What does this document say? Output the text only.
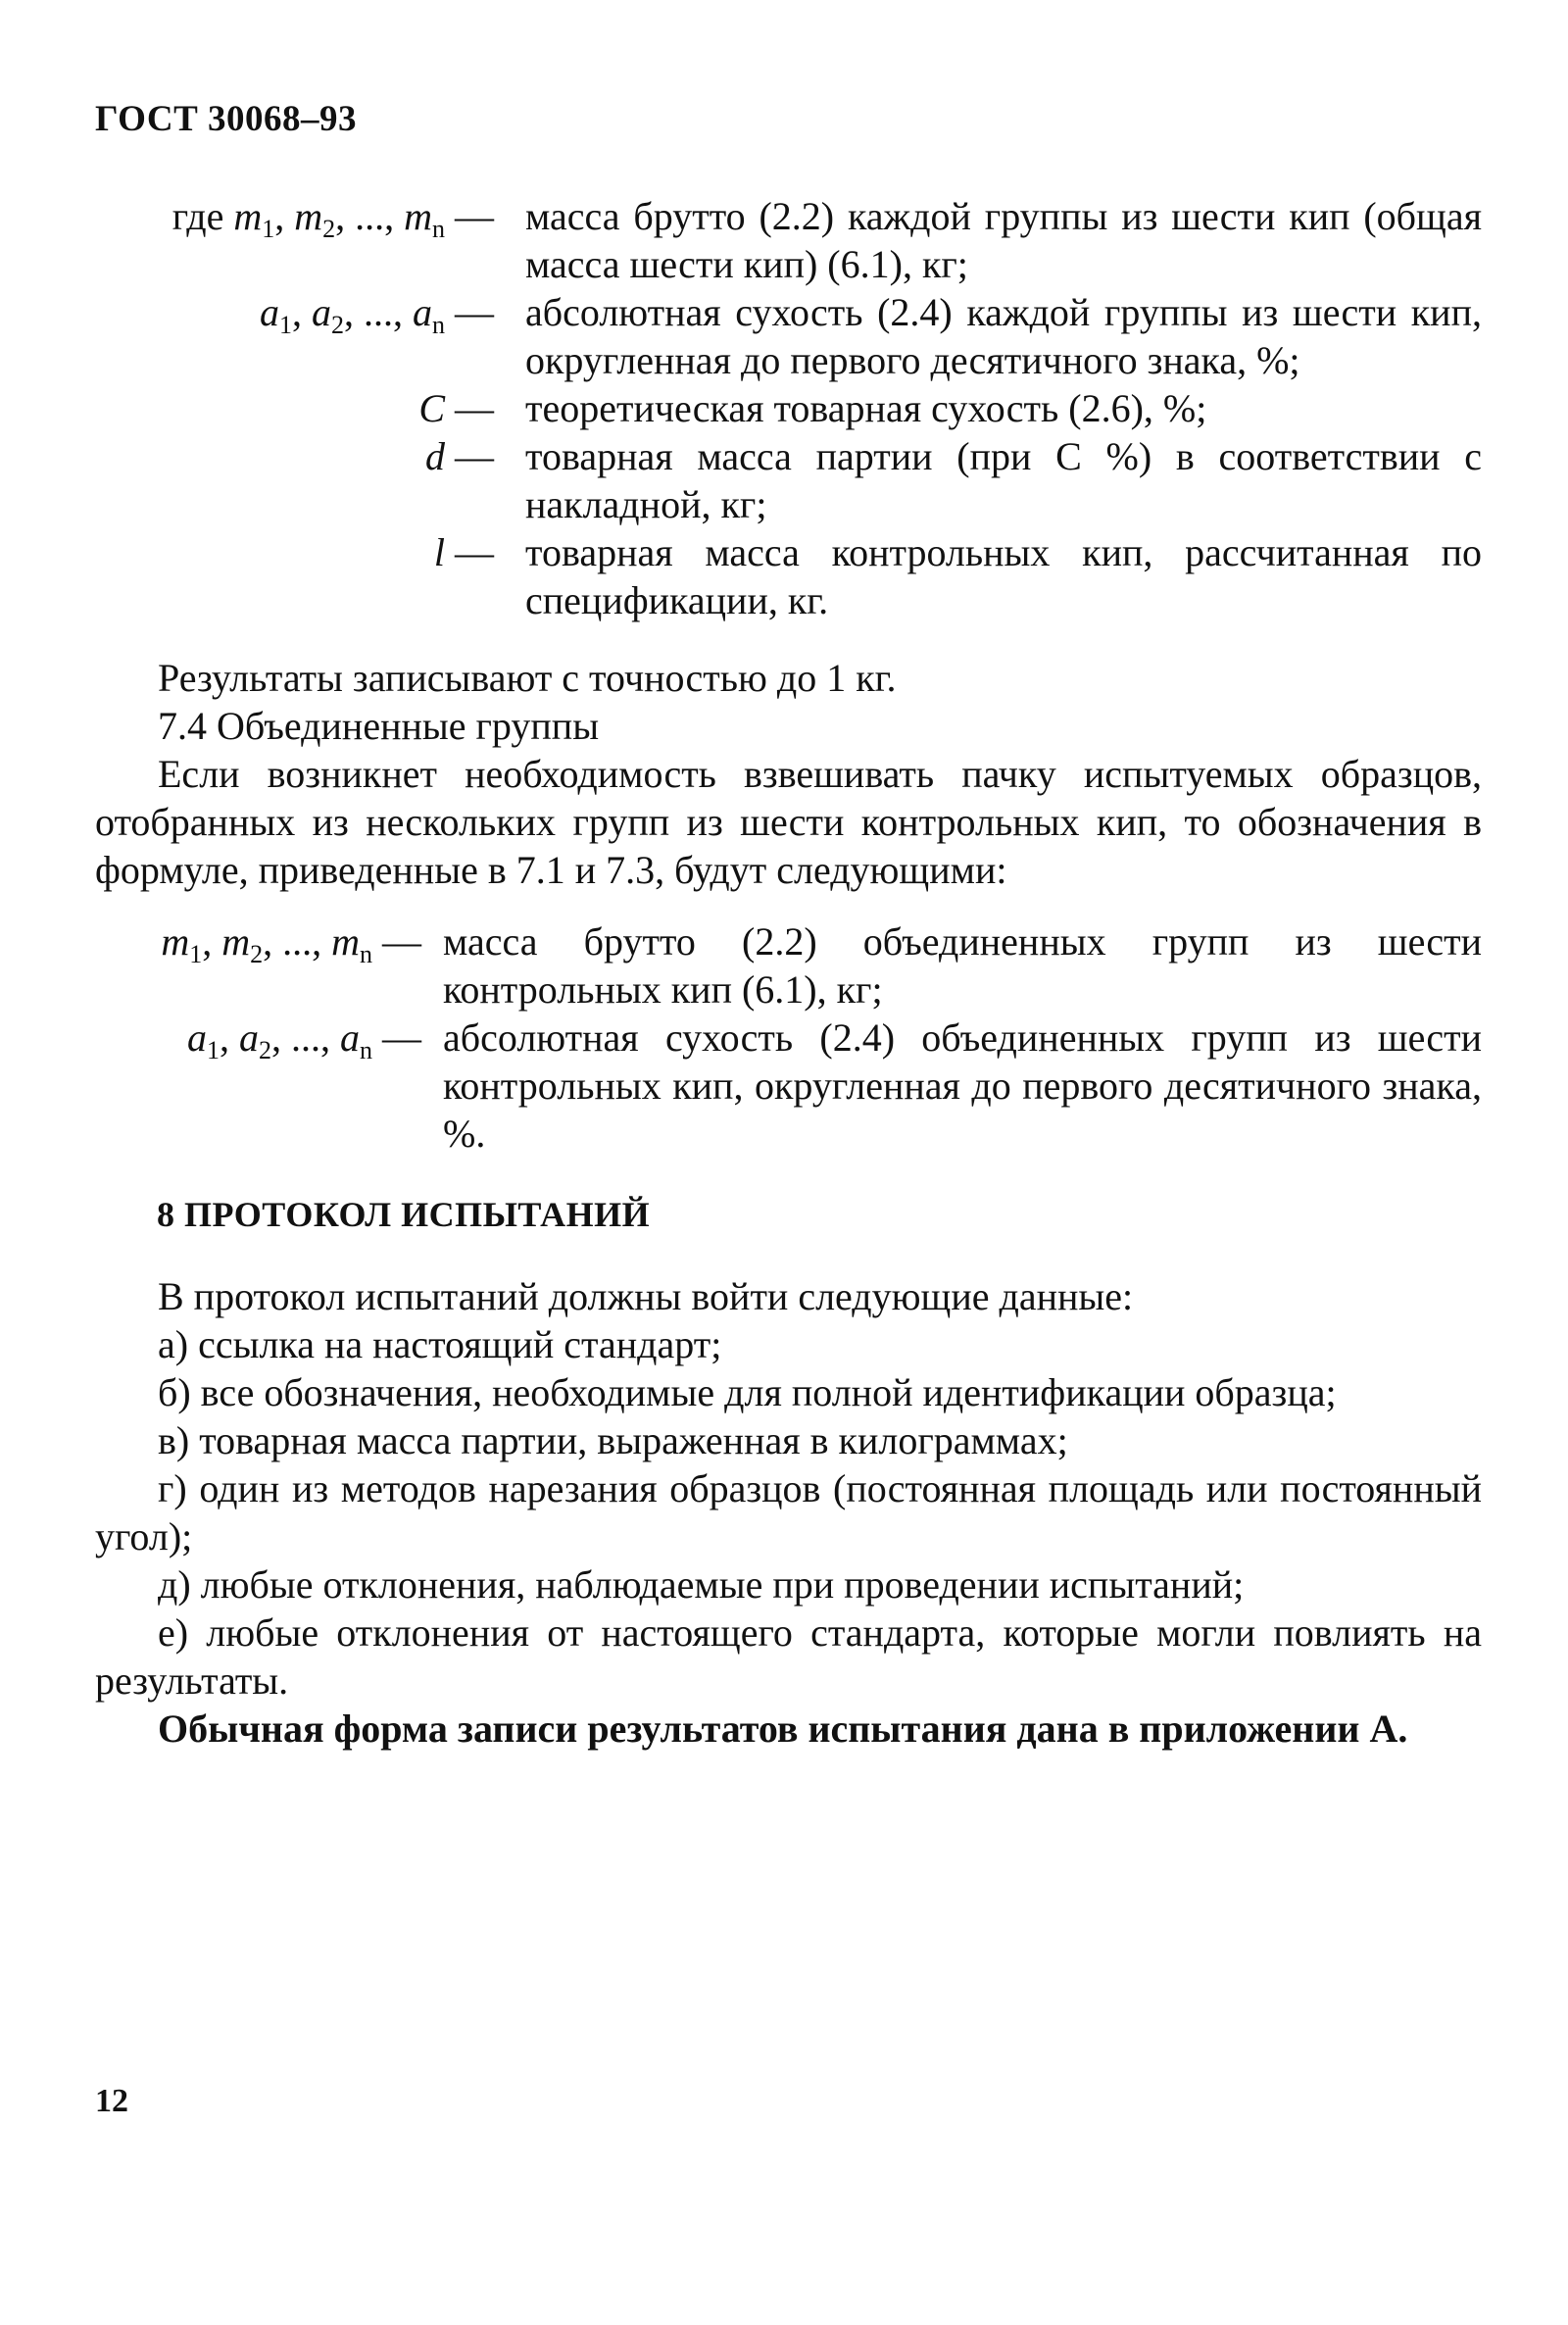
ГОСТ 30068–93
где $m_1$, $m_2$, ..., $m_n$ — масса брутто (2.2) каждой группы из шести кип (общая масса шести кип) (6.1), кг;
$a_1$, $a_2$, ..., $a_n$ — абсолютная сухость (2.4) каждой группы из шести кип, округленная до первого десятичного знака, %;
C — теоретическая товарная сухость (2.6), %;
d — товарная масса партии (при С %) в соответствии с накладной, кг;
l — товарная масса контрольных кип, рассчитанная по спецификации, кг.
Результаты записывают с точностью до 1 кг.
7.4 Объединенные группы
Если возникнет необходимость взвешивать пачку испытуемых образцов, отобранных из нескольких групп из шести контрольных кип, то обозначения в формуле, приведенные в 7.1 и 7.3, будут следующими:
$m_1$, $m_2$, ..., $m_n$ — масса брутто (2.2) объединенных групп из шести контрольных кип (6.1), кг;
$a_1$, $a_2$, ..., $a_n$ — абсолютная сухость (2.4) объединенных групп из шести контрольных кип, округленная до первого десятичного знака, %.
8 ПРОТОКОЛ ИСПЫТАНИЙ
В протокол испытаний должны войти следующие данные:
а) ссылка на настоящий стандарт;
б) все обозначения, необходимые для полной идентификации образца;
в) товарная масса партии, выраженная в килограммах;
г) один из методов нарезания образцов (постоянная площадь или постоянный угол);
д) любые отклонения, наблюдаемые при проведении испытаний;
е) любые отклонения от настоящего стандарта, которые могли повлиять на результаты.
Обычная форма записи результатов испытания дана в приложении А.
12
